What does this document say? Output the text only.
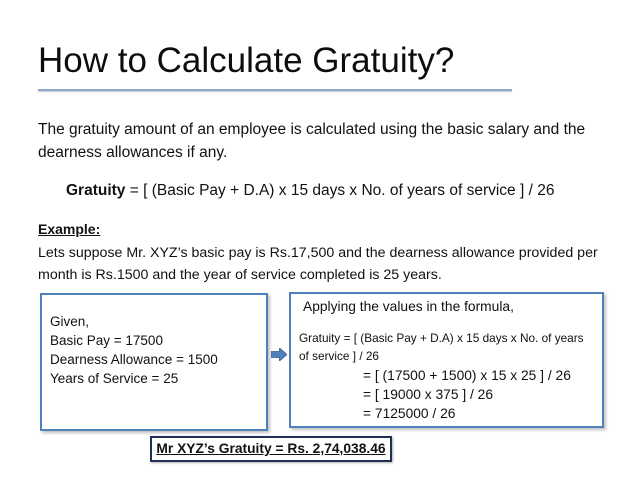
How to Calculate Gratuity?
The gratuity amount of an employee is calculated using the basic salary and the dearness allowances if any.
Gratuity = [ (Basic Pay + D.A) x 15 days x No. of years of service ] / 26
Example:
Lets suppose Mr. XYZ’s basic pay is Rs.17,500 and the dearness allowance provided per month is Rs.1500 and the year of service completed is 25 years.
Given,
Basic Pay = 17500
Dearness Allowance = 1500
Years of Service = 25
Applying the values in the formula,
Gratuity = [ (Basic Pay + D.A) x 15 days x No. of years of service ] / 26
= [ (17500 + 1500) x 15 x 25 ] / 26
= [ 19000 x 375 ] / 26
= 7125000 / 26
Mr XYZ’s Gratuity = Rs. 2,74,038.46
